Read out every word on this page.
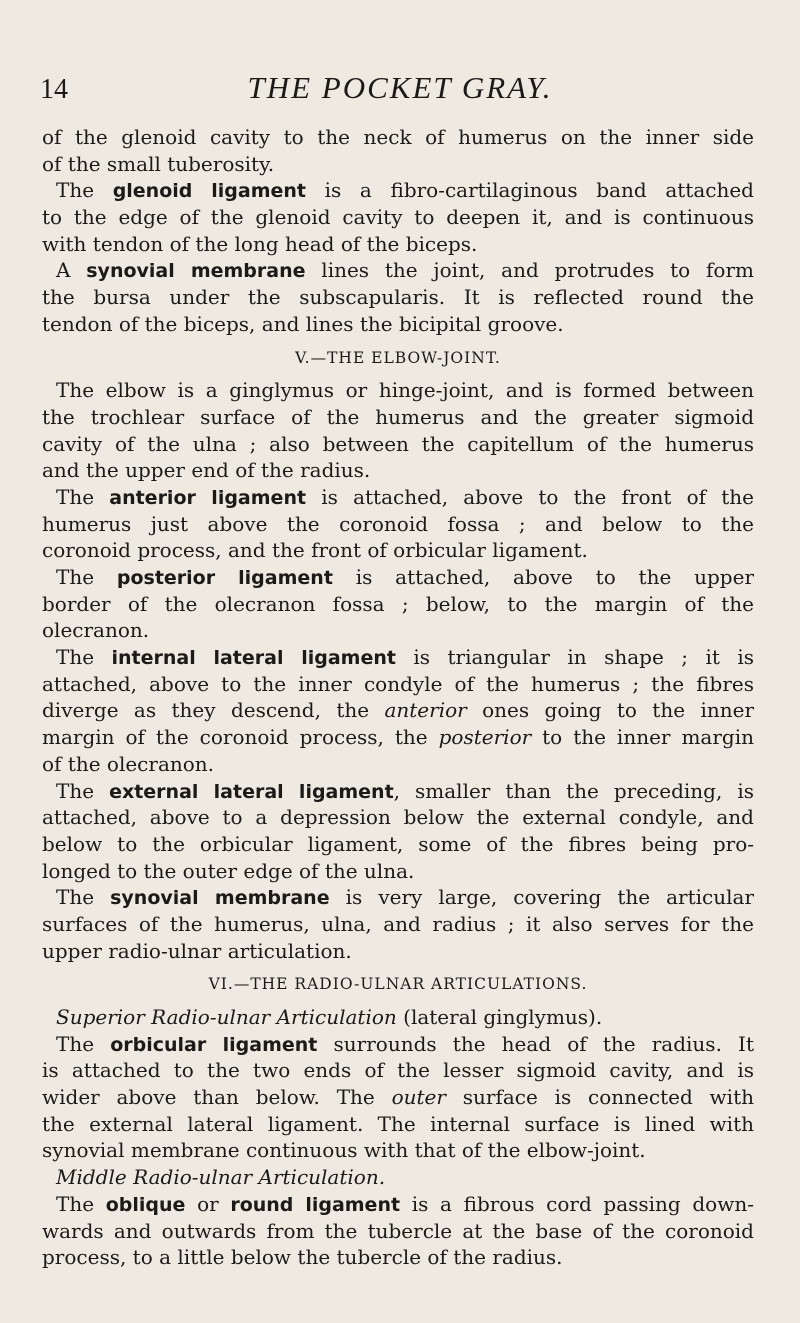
14	THE POCKET GRAY.
of the glenoid cavity to the neck of humerus on the inner side
of the small tuberosity.
The glenoid ligament is a fibro-cartilaginous band attached
to the edge of the glenoid cavity to deepen it, and is continuous
with tendon of the long head of the biceps.
A synovial membrane lines the joint, and protrudes to form
the bursa under the subscapularis. It is reflected round the
tendon of the biceps, and lines the bicipital groove.
V.—THE ELBOW-JOINT.
The elbow is a ginglymus or hinge-joint, and is formed between
the trochlear surface of the humerus and the greater sigmoid
cavity of the ulna ; also between the capitellum of the humerus
and the upper end of the radius.
The anterior ligament is attached, above to the front of the
humerus just above the coronoid fossa ; and below to the
coronoid process, and the front of orbicular ligament.
The posterior ligament is attached, above to the upper
border of the olecranon fossa ; below, to the margin of the
olecranon.
The internal lateral ligament is triangular in shape ; it is
attached, above to the inner condyle of the humerus ; the fibres
diverge as they descend, the anterior ones going to the inner
margin of the coronoid process, the posterior to the inner margin
of the olecranon.
The external lateral ligament, smaller than the preceding, is
attached, above to a depression below the external condyle, and
below to the orbicular ligament, some of the fibres being pro-
longed to the outer edge of the ulna.
The synovial membrane is very large, covering the articular
surfaces of the humerus, ulna, and radius ; it also serves for the
upper radio-ulnar articulation.
VI.—THE RADIO-ULNAR ARTICULATIONS.
Superior Radio-ulnar Articulation (lateral ginglymus).
The orbicular ligament surrounds the head of the radius. It
is attached to the two ends of the lesser sigmoid cavity, and is
wider above than below. The outer surface is connected with
the external lateral ligament. The internal surface is lined with
synovial membrane continuous with that of the elbow-joint.
Middle Radio-ulnar Articulation.
The oblique or round ligament is a fibrous cord passing down-
wards and outwards from the tubercle at the base of the coronoid
process, to a little below the tubercle of the radius.
